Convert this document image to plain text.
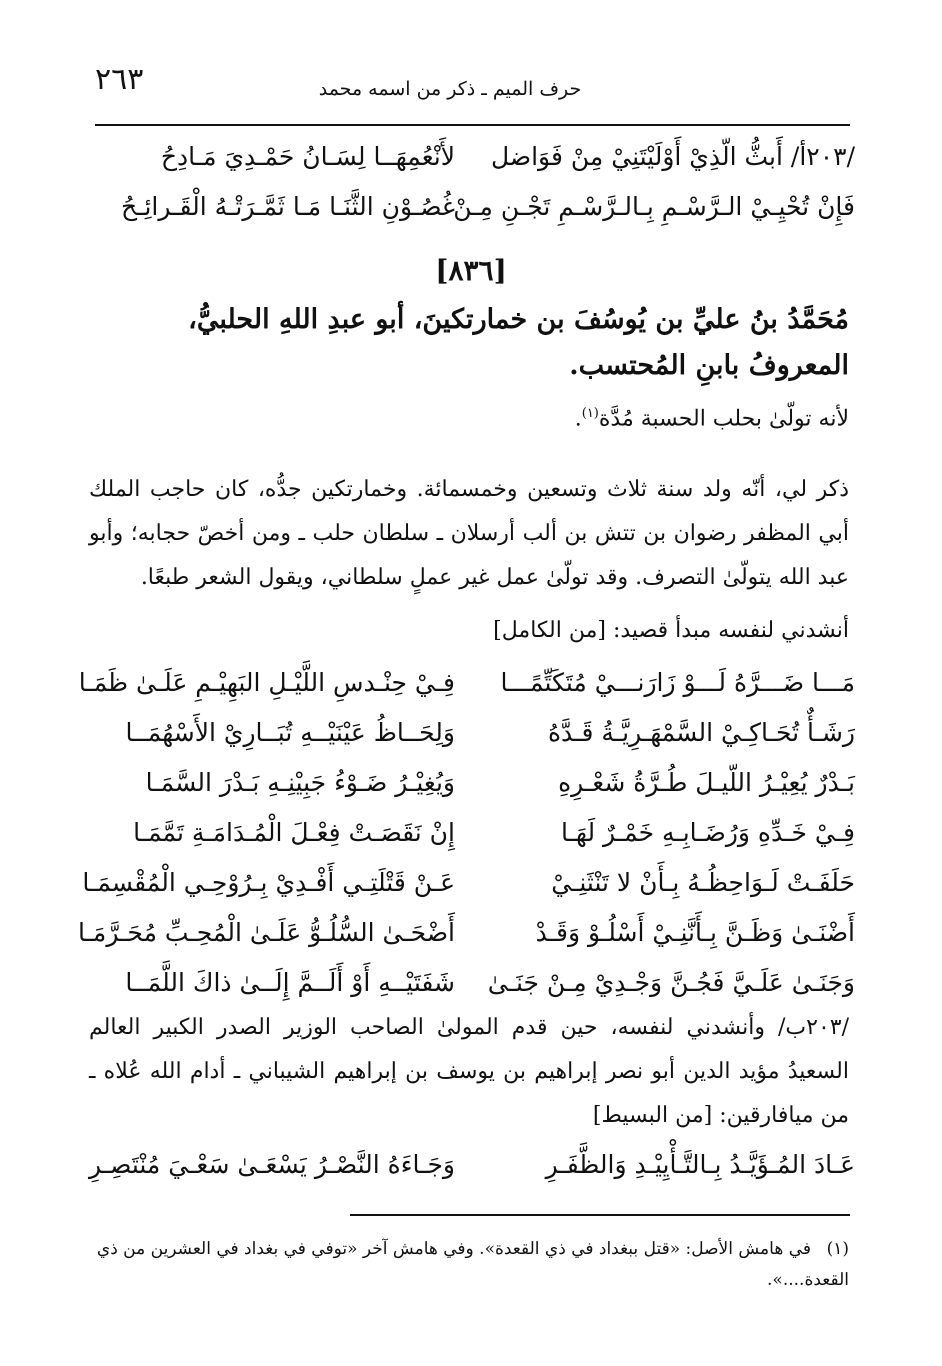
٢٦٣	حرف الميم ـ ذكر من اسمه محمد
/٢٠٣أ/ أَبثُّ الّذِيْ أَوْلَيْتَنِيْ مِنْ فَوَاضل
لأَنْعُمِهَــا لِسَـانُ حَمْـدِيَ مَـادِحُ
فَإِنْ تُحْيِـيْ الـرَّسْـمِ بِـالـرَّسْـمِ تَجْـنِ مِـنْ
غُصُـوْنِ الثَّنَـا مَـا ثَمَّـرَتْـهُ الْقَـرائِـحُ
[٨٣٦]
مُحَمَّدُ بنُ عليِّ بن يُوسُفَ بن خمارتكينَ، أبو عبدِ اللهِ الحلبيُّ،
المعروفُ بابنِ المُحتسب.
لأنه تولّىٰ بحلب الحسبة مُدَّة$^{(١)}$.
ذكر لي، أنّه ولد سنة ثلاث وتسعين وخمسمائة. وخمارتكين جدُّه، كان حاجب الملك أبي المظفر رضوان بن تتش بن ألب أرسلان ـ سلطان حلب ـ ومن أخصّ حجابه؛ وأبو عبد الله يتولّىٰ التصرف. وقد تولّىٰ عمل غير عملٍ سلطاني، ويقول الشعر طبعًا.
أنشدني لنفسه مبدأ قصيد: [من الكامل]
مَـــا ضَـــرَّهُ لَـــوْ زَارَنـــيْ مُتَكَتِّمًـــا
فِـيْ حِنْـدسِ اللَّيْـلِ البَهِيْـمِ عَلَـىٰ ظَمَـا
رَشَـأٌ تُحَـاكِـيْ السَّمْهَـرِيَّـةُ قَـدَّهُ
وَلِحَــاظُ عَيْنَيْــهِ تُبَــارِيْ الأَسْهُمَــا
بَـدْرٌ يُعِيْـرُ اللّيـلَ طُـرَّةُ شَعْـرِهِ
وَيُغِيْـرُ ضَـوْءُ جَبِيْنِـهِ بَـدْرَ السَّمَـا
فِـيْ خَـدِّهِ وَرُضَـابِـهِ خَمْـرٌ لَهَـا
إِنْ نَقَصَـتْ فِعْـلَ الْمُـدَامَـةِ تَمَّمَـا
حَلَفَـتْ لَـوَاحِظُـهُ بِـأَنْ لا تَنْثَنِـيْ
عَـنْ قَتْلَتِـي أَفْـدِيْ بِـرُوْحِـي الْمُقْسِمَـا
أَضْنَـىٰ وَظَـنَّ بِـأَنَّنِـيْ أَسْلُـوْ وَقَـدْ
أَضْحَـىٰ السُّلُـوُّ عَلَـىٰ الْمُحِـبِّ مُحَـرَّمَـا
وَجَنَـىٰ عَلَـيَّ فَجُـنَّ وَجْـدِيْ مِـنْ جَنَـىٰ
شَفَتَيْــهِ أَوْ أَلَــمَّ إِلَــىٰ ذاكَ اللَّمَــا
/٢٠٣ب/ وأنشدني لنفسه، حين قدم المولىٰ الصاحب الوزير الصدر الكبير العالم السعيدُ مؤيد الدين أبو نصر إبراهيم بن يوسف بن إبراهيم الشيباني ـ أدام الله عُلاه ـ من ميافارقين: [من البسيط]
عَـادَ المُـؤَيَّـدُ بِـالتَّـأْيِيْـدِ وَالظَّفَـرِ
وَجَـاءَهُ النَّصْـرُ يَسْعَـىٰ سَعْـيَ مُنْتَصِـرِ
(١)في هامش الأصل: «قتل ببغداد في ذي القعدة». وفي هامش آخر «توفي في بغداد في العشرين من ذي القعدة....».
